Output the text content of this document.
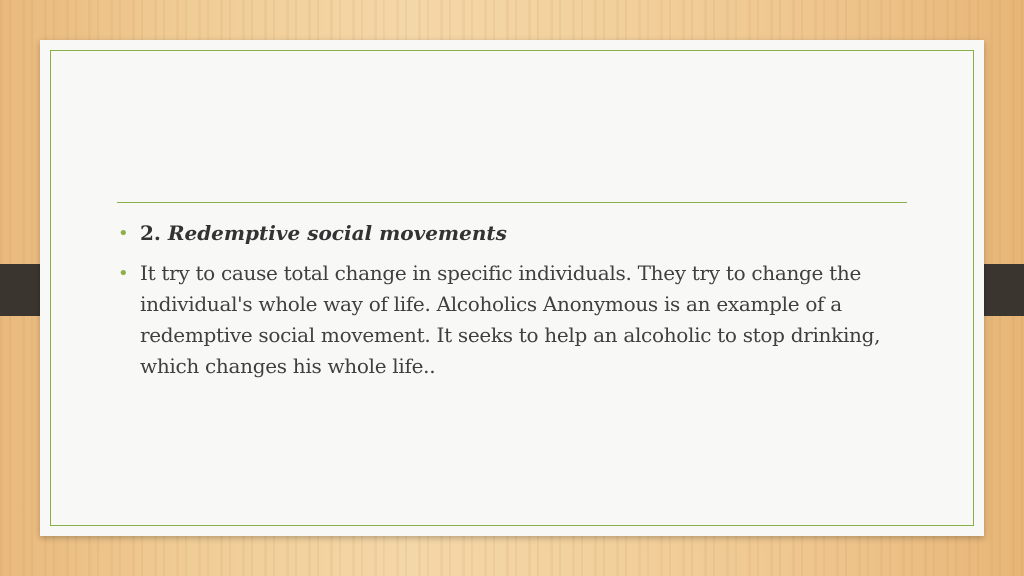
• 2. Redemptive social movements
• It try to cause total change in specific individuals. They try to change the individual's whole way of life. Alcoholics Anonymous is an example of a redemptive social movement. It seeks to help an alcoholic to stop drinking, which changes his whole life..
